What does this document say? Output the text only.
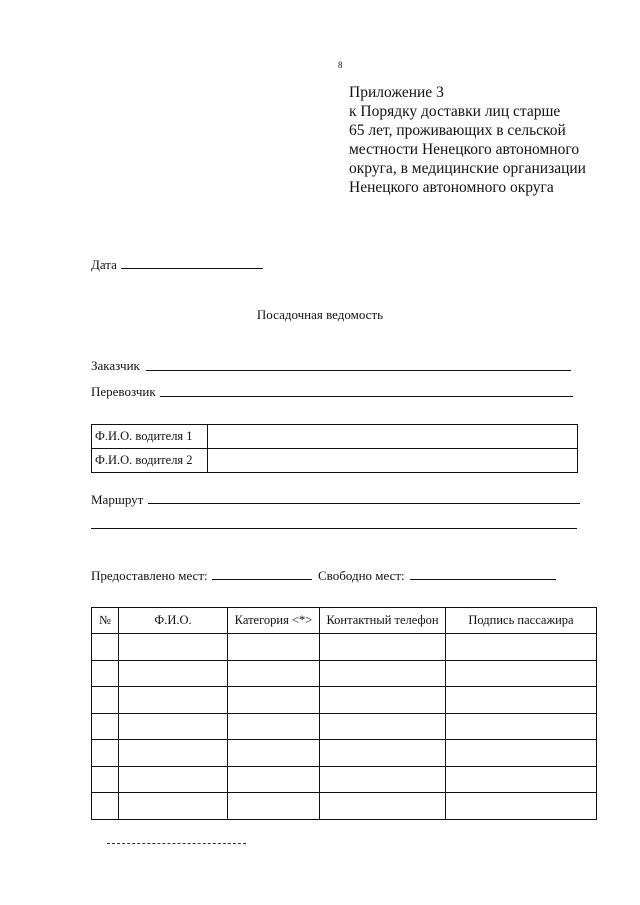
8
Приложение 3
к Порядку доставки лиц старше
65 лет, проживающих в сельской
местности Ненецкого автономного
округа, в медицинские организации
Ненецкого автономного округа
Дата
Посадочная ведомость
Заказчик
Перевозчик
Ф.И.О. водителя 1	
Ф.И.О. водителя 2	
Маршрут
Предоставлено мест:	Свободно мест:
№	Ф.И.О.	Категория <*>	Контактный телефон	Подпись пассажира
